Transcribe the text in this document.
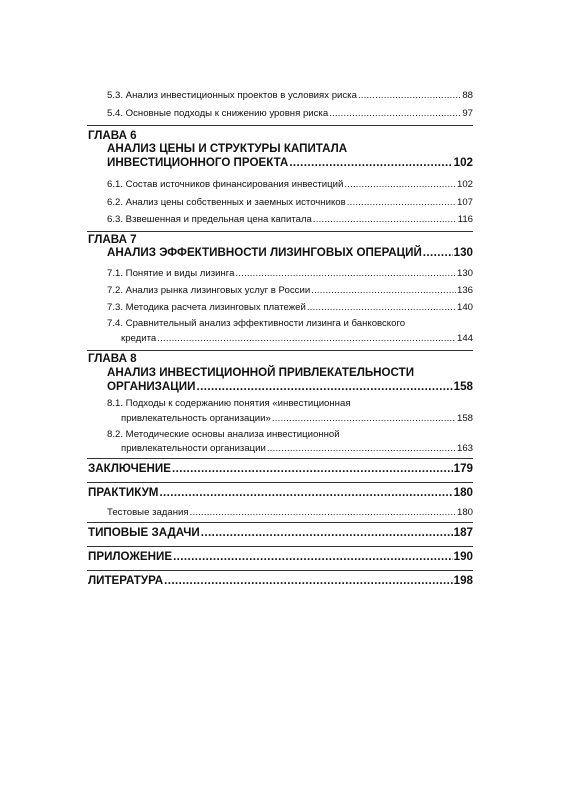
5.3. Анализ инвестиционных проектов в условиях риска .....	88
5.4. Основные подходы к снижению уровня риска .....	97
ГЛАВА 6
АНАЛИЗ ЦЕНЫ И СТРУКТУРЫ КАПИТАЛА
ИНВЕСТИЦИОННОГО ПРОЕКТА .....	102
6.1. Состав источников финансирования инвестиций .....	102
6.2. Анализ цены собственных и заемных источников .....	107
6.3. Взвешенная и предельная цена капитала .....	116
ГЛАВА 7
АНАЛИЗ ЭФФЕКТИВНОСТИ ЛИЗИНГОВЫХ ОПЕРАЦИЙ .....	130
7.1. Понятие и виды лизинга .....	130
7.2. Анализ рынка лизинговых услуг в России .....	136
7.3. Методика расчета лизинговых платежей .....	140
7.4. Сравнительный анализ эффективности лизинга и банковского
кредита .....	144
ГЛАВА 8
АНАЛИЗ ИНВЕСТИЦИОННОЙ ПРИВЛЕКАТЕЛЬНОСТИ
ОРГАНИЗАЦИИ .....	158
8.1. Подходы к содержанию понятия «инвестиционная
привлекательность организации» .....	158
8.2. Методические основы анализа инвестиционной
привлекательности организации .....	163
ЗАКЛЮЧЕНИЕ .....	179
ПРАКТИКУМ .....	180
Тестовые задания .....	180
ТИПОВЫЕ ЗАДАЧИ .....	187
ПРИЛОЖЕНИЕ .....	190
ЛИТЕРАТУРА .....	198
